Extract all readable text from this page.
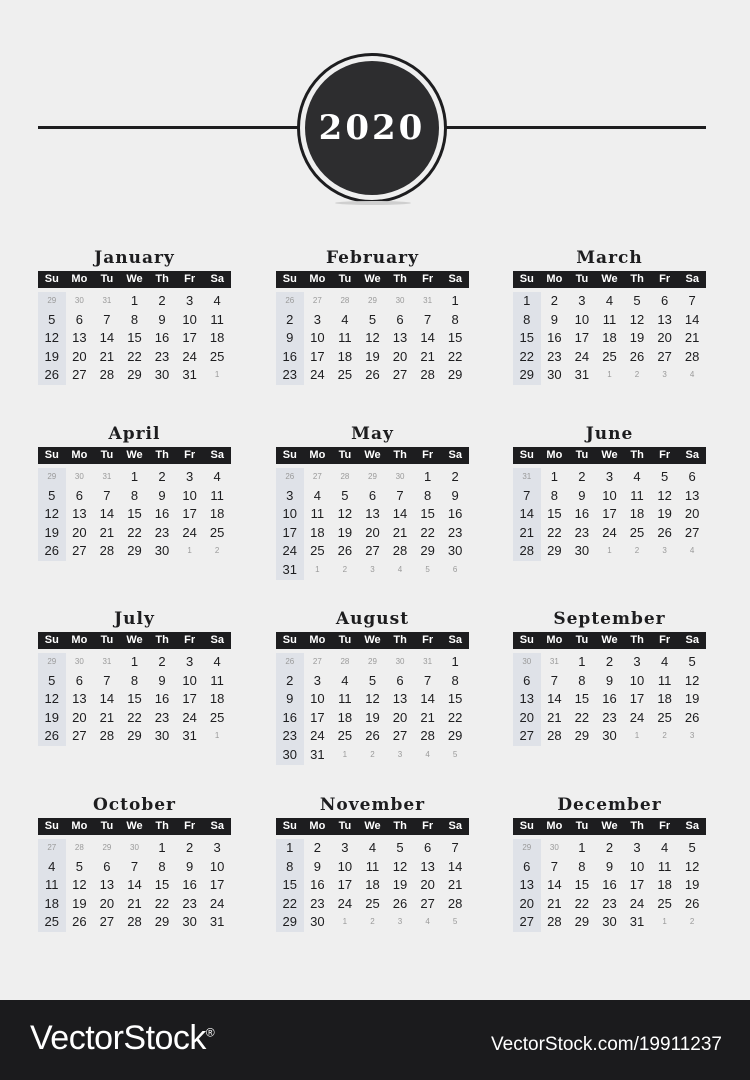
2020
January
Su	Mo	Tu	We	Th	Fr	Sa
29	30	31	1	2	3	4
5	6	7	8	9	10	11
12	13	14	15	16	17	18
19	20	21	22	23	24	25
26	27	28	29	30	31	1
February
Su	Mo	Tu	We	Th	Fr	Sa
26	27	28	29	30	31	1
2	3	4	5	6	7	8
9	10	11	12	13	14	15
16	17	18	19	20	21	22
23	24	25	26	27	28	29
March
Su	Mo	Tu	We	Th	Fr	Sa
1	2	3	4	5	6	7
8	9	10	11	12	13	14
15	16	17	18	19	20	21
22	23	24	25	26	27	28
29	30	31	1	2	3	4
April
Su	Mo	Tu	We	Th	Fr	Sa
29	30	31	1	2	3	4
5	6	7	8	9	10	11
12	13	14	15	16	17	18
19	20	21	22	23	24	25
26	27	28	29	30	1	2
May
Su	Mo	Tu	We	Th	Fr	Sa
26	27	28	29	30	1	2
3	4	5	6	7	8	9
10	11	12	13	14	15	16
17	18	19	20	21	22	23
24	25	26	27	28	29	30
31	1	2	3	4	5	6
June
Su	Mo	Tu	We	Th	Fr	Sa
31	1	2	3	4	5	6
7	8	9	10	11	12	13
14	15	16	17	18	19	20
21	22	23	24	25	26	27
28	29	30	1	2	3	4
July
Su	Mo	Tu	We	Th	Fr	Sa
29	30	31	1	2	3	4
5	6	7	8	9	10	11
12	13	14	15	16	17	18
19	20	21	22	23	24	25
26	27	28	29	30	31	1
August
Su	Mo	Tu	We	Th	Fr	Sa
26	27	28	29	30	31	1
2	3	4	5	6	7	8
9	10	11	12	13	14	15
16	17	18	19	20	21	22
23	24	25	26	27	28	29
30	31	1	2	3	4	5
September
Su	Mo	Tu	We	Th	Fr	Sa
30	31	1	2	3	4	5
6	7	8	9	10	11	12
13	14	15	16	17	18	19
20	21	22	23	24	25	26
27	28	29	30	1	2	3
October
Su	Mo	Tu	We	Th	Fr	Sa
27	28	29	30	1	2	3
4	5	6	7	8	9	10
11	12	13	14	15	16	17
18	19	20	21	22	23	24
25	26	27	28	29	30	31
November
Su	Mo	Tu	We	Th	Fr	Sa
1	2	3	4	5	6	7
8	9	10	11	12	13	14
15	16	17	18	19	20	21
22	23	24	25	26	27	28
29	30	1	2	3	4	5
December
Su	Mo	Tu	We	Th	Fr	Sa
29	30	1	2	3	4	5
6	7	8	9	10	11	12
13	14	15	16	17	18	19
20	21	22	23	24	25	26
27	28	29	30	31	1	2
VectorStock®
VectorStock.com/19911237
